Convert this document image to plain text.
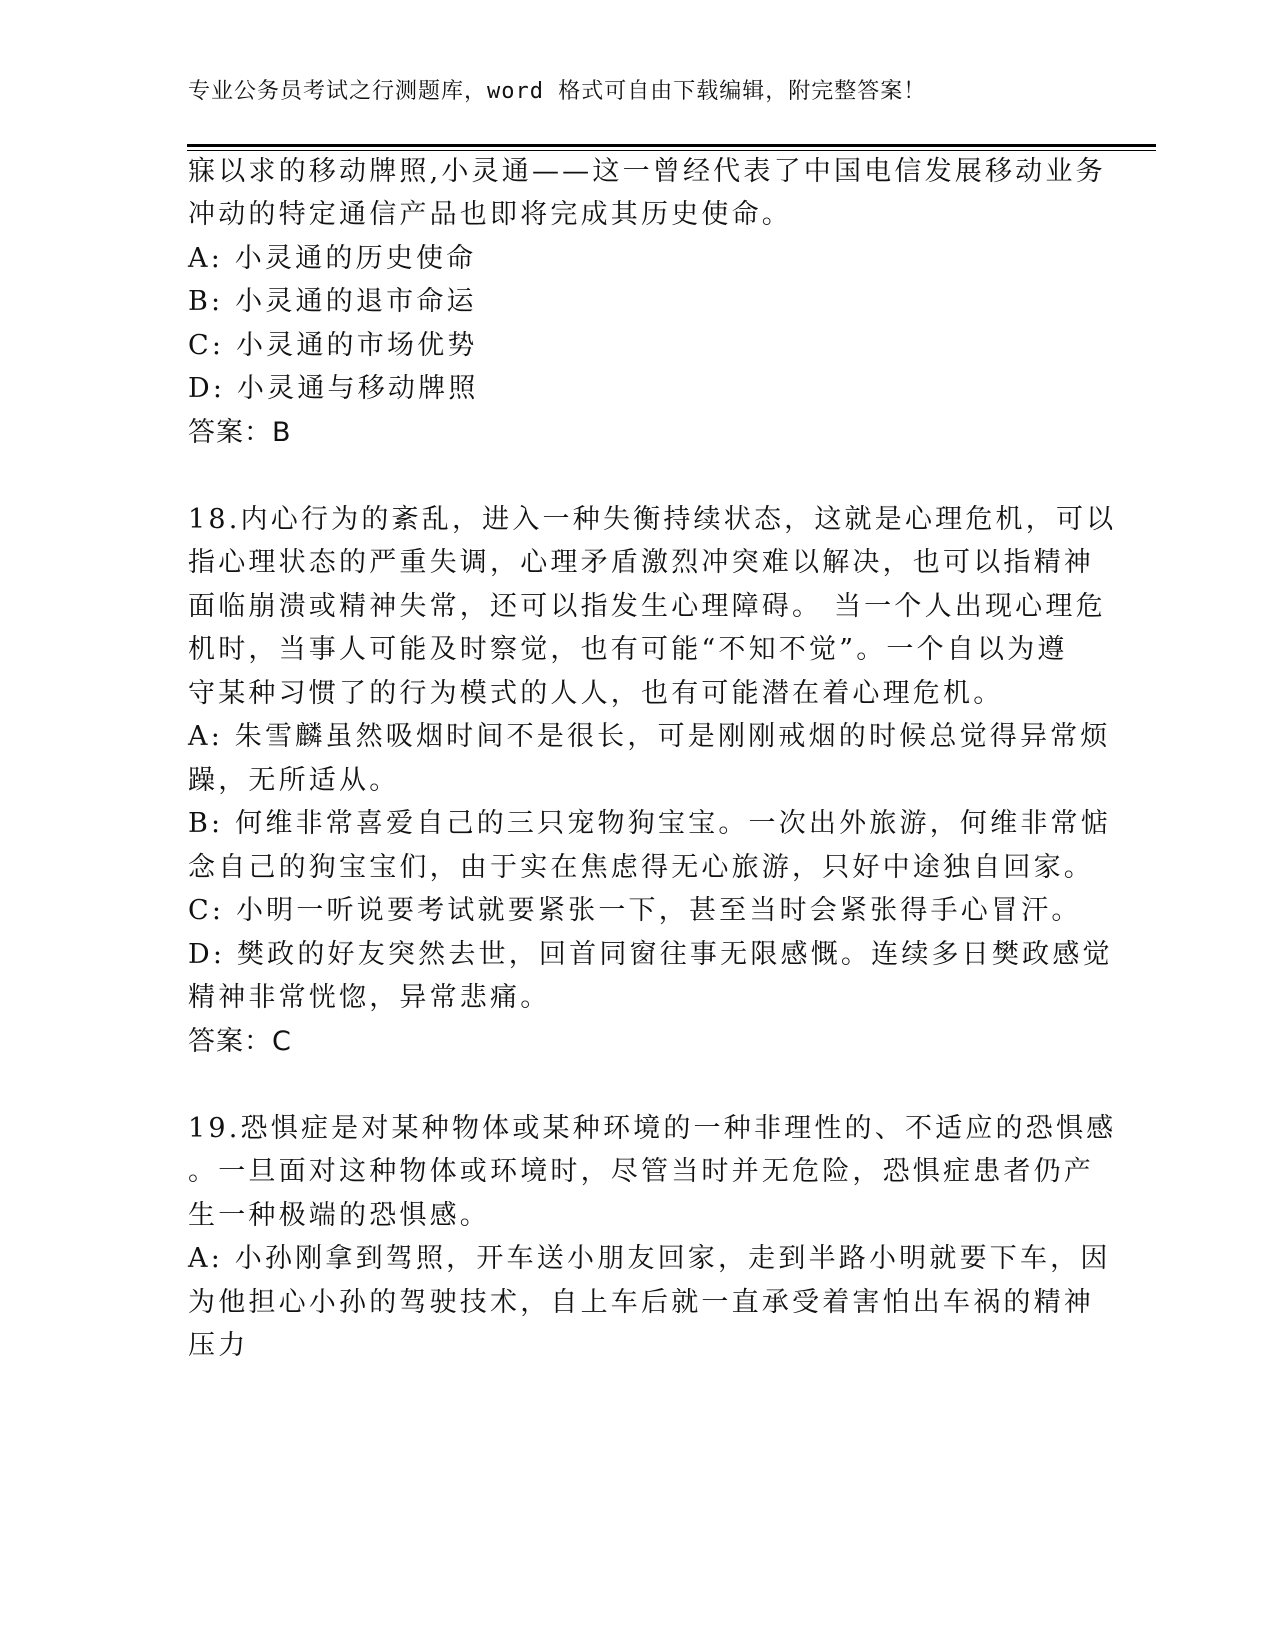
专业公务员考试之行测题库，word 格式可自由下载编辑，附完整答案！
寐以求的移动牌照,小灵通——这一曾经代表了中国电信发展移动业务
冲动的特定通信产品也即将完成其历史使命。
A: 小灵通的历史使命
B: 小灵通的退市命运
C: 小灵通的市场优势
D: 小灵通与移动牌照
答案：B
18.内心行为的紊乱，进入一种失衡持续状态，这就是心理危机，可以
指心理状态的严重失调，心理矛盾激烈冲突难以解决，也可以指精神
面临崩溃或精神失常，还可以指发生心理障碍。 当一个人出现心理危
机时，当事人可能及时察觉，也有可能“不知不觉”。一个自以为遵
守某种习惯了的行为模式的人人，也有可能潜在着心理危机。
A: 朱雪麟虽然吸烟时间不是很长，可是刚刚戒烟的时候总觉得异常烦
躁，无所适从。
B: 何维非常喜爱自己的三只宠物狗宝宝。一次出外旅游，何维非常惦
念自己的狗宝宝们，由于实在焦虑得无心旅游，只好中途独自回家。
C: 小明一听说要考试就要紧张一下，甚至当时会紧张得手心冒汗。
D: 樊政的好友突然去世，回首同窗往事无限感慨。连续多日樊政感觉
精神非常恍惚，异常悲痛。
答案：C
19.恐惧症是对某种物体或某种环境的一种非理性的、不适应的恐惧感
。一旦面对这种物体或环境时，尽管当时并无危险，恐惧症患者仍产
生一种极端的恐惧感。
A: 小孙刚拿到驾照，开车送小朋友回家，走到半路小明就要下车，因
为他担心小孙的驾驶技术，自上车后就一直承受着害怕出车祸的精神
压力
